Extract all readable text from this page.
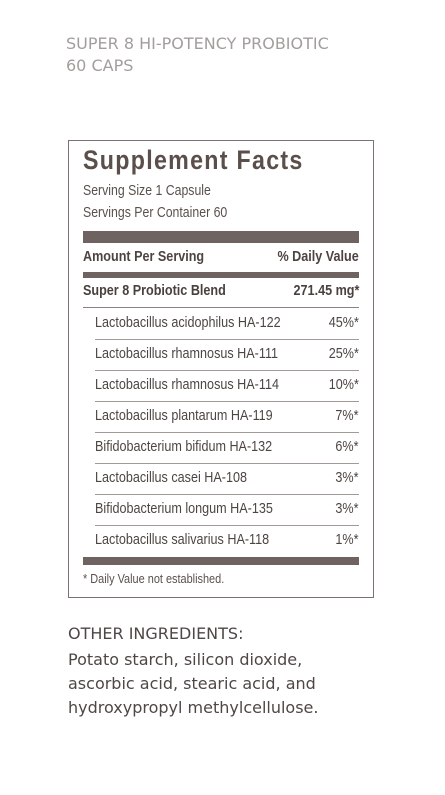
SUPER 8 HI-POTENCY PROBIOTIC
60 CAPS
Supplement Facts
Serving Size 1 Capsule
Servings Per Container 60
Amount Per Serving	% Daily Value
Super 8 Probiotic Blend	271.45 mg*
Lactobacillus acidophilus HA-122	45%*
Lactobacillus rhamnosus HA-111	25%*
Lactobacillus rhamnosus HA-114	10%*
Lactobacillus plantarum HA-119	7%*
Bifidobacterium bifidum HA-132	6%*
Lactobacillus casei HA-108	3%*
Bifidobacterium longum HA-135	3%*
Lactobacillus salivarius HA-118	1%*
* Daily Value not established.
OTHER INGREDIENTS:
Potato starch, silicon dioxide,
ascorbic acid, stearic acid, and
hydroxypropyl methylcellulose.
